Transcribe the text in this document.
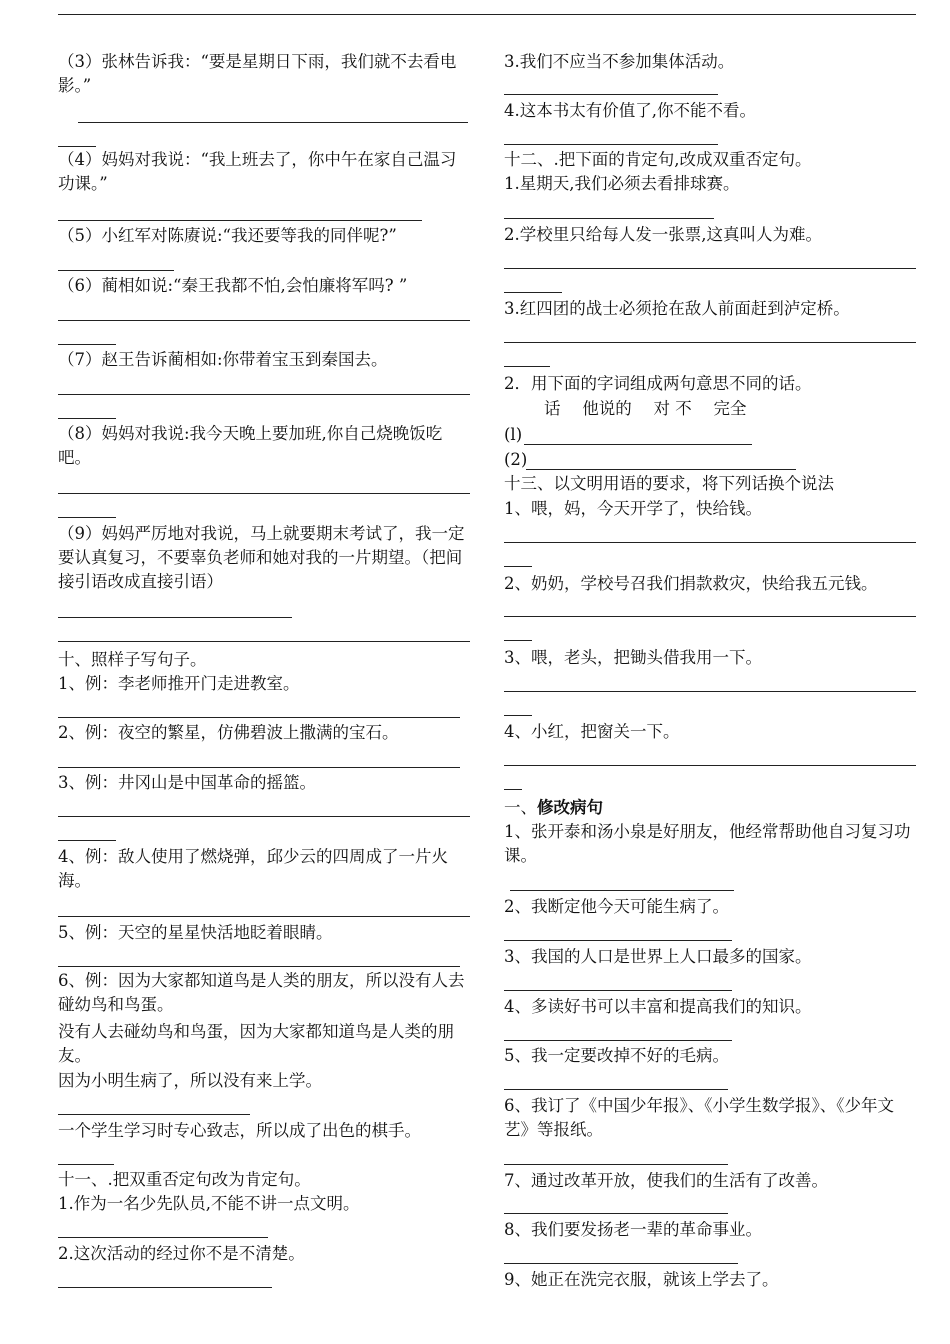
（3）张林告诉我：“要是星期日下雨，我们就不去看电影。”
（4）妈妈对我说：“我上班去了，你中午在家自己温习功课。”
（5）小红军对陈赓说:“我还要等我的同伴呢?”
（6）蔺相如说:“秦王我都不怕,会怕廉将军吗? ”
（7）赵王告诉蔺相如:你带着宝玉到秦国去。
（8）妈妈对我说:我今天晚上要加班,你自己烧晚饭吃吧。
（9）妈妈严厉地对我说，马上就要期末考试了，我一定要认真复习，不要辜负老师和她对我的一片期望。（把间接引语改成直接引语）
十、照样子写句子。
1、例：李老师推开门走进教室。
2、例：夜空的繁星，仿佛碧波上撒满的宝石。
3、例：井冈山是中国革命的摇篮。
4、例：敌人使用了燃烧弹，邱少云的四周成了一片火海。
5、例：天空的星星快活地眨着眼睛。
6、例：因为大家都知道鸟是人类的朋友，所以没有人去碰幼鸟和鸟蛋。
没有人去碰幼鸟和鸟蛋，因为大家都知道鸟是人类的朋友。
因为小明生病了，所以没有来上学。
一个学生学习时专心致志，所以成了出色的棋手。
十一、.把双重否定句改为肯定句。
1.作为一名少先队员,不能不讲一点文明。
2.这次活动的经过你不是不清楚。
3.我们不应当不参加集体活动。
4.这本书太有价值了,你不能不看。
十二、.把下面的肯定句,改成双重否定句。
1.星期天,我们必须去看排球赛。
2.学校里只给每人发一张票,这真叫人为难。
3.红四团的战士必须抢在敌人前面赶到泸定桥。
2．用下面的字词组成两句意思不同的话。
话　 他说的　 对 不　 完全
(l)
(2)
十三、以文明用语的要求，将下列话换个说法
1、喂，妈，今天开学了，快给钱。
2、奶奶，学校号召我们捐款救灾，快给我五元钱。
3、喂，老头，把锄头借我用一下。
4、小红，把窗关一下。
一、修改病句
1、张开泰和汤小泉是好朋友，他经常帮助他自习复习功课。
2、我断定他今天可能生病了。
3、我国的人口是世界上人口最多的国家。
4、多读好书可以丰富和提高我们的知识。
5、我一定要改掉不好的毛病。
6、我订了《中国少年报》、《小学生数学报》、《少年文艺》等报纸。
7、通过改革开放，使我们的生活有了改善。
8、我们要发扬老一辈的革命事业。
9、她正在洗完衣服，就该上学去了。
